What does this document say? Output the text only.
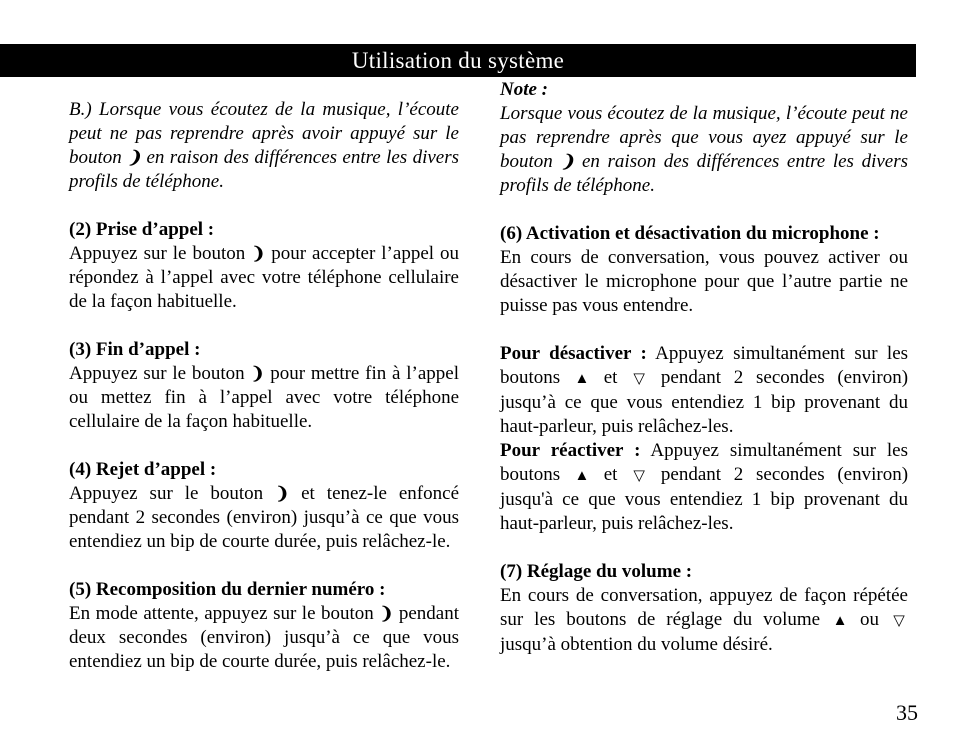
Utilisation du système

B.) Lorsque vous écoutez de la musique, l’écoute peut ne pas reprendre après avoir appuyé sur le bouton ❩ en raison des différences entre les divers profils de téléphone.

(2) Prise d’appel :

Appuyez sur le bouton ❩ pour accepter l’appel ou répondez à l’appel avec votre téléphone cellulaire de la façon habituelle.

(3) Fin d’appel :

Appuyez sur le bouton ❩ pour mettre fin à l’appel ou mettez fin à l’appel avec votre téléphone cellulaire de la façon habituelle.

(4) Rejet d’appel :

Appuyez sur le bouton ❩ et tenez-le enfoncé pendant 2 secondes (environ) jusqu’à ce que vous entendiez un bip de courte durée, puis relâchez-le.

(5) Recomposition du dernier numéro :

En mode attente, appuyez sur le bouton ❩ pendant deux secondes (environ) jusqu’à ce que vous entendiez un bip de courte durée, puis relâchez-le.

Note :

Lorsque vous écoutez de la musique, l’écoute peut ne pas reprendre après que vous ayez appuyé sur le bouton ❩ en raison des différences entre les divers profils de téléphone.

(6) Activation et désactivation du microphone :

En cours de conversation, vous pouvez activer ou désactiver le microphone pour que l’autre partie ne puisse pas vous entendre.

Pour désactiver : Appuyez simultanément sur les boutons ▲ et ▽ pendant 2 secondes (environ) jusqu’à ce que vous entendiez 1 bip provenant du haut-parleur, puis relâchez-les.

Pour réactiver : Appuyez simultanément sur les boutons ▲ et ▽ pendant 2 secondes (environ) jusqu'à ce que vous entendiez 1 bip provenant du haut-parleur, puis relâchez-les.

(7) Réglage du volume :

En cours de conversation, appuyez de façon répétée sur les boutons de réglage du volume ▲ ou ▽ jusqu’à obtention du volume désiré.

35
